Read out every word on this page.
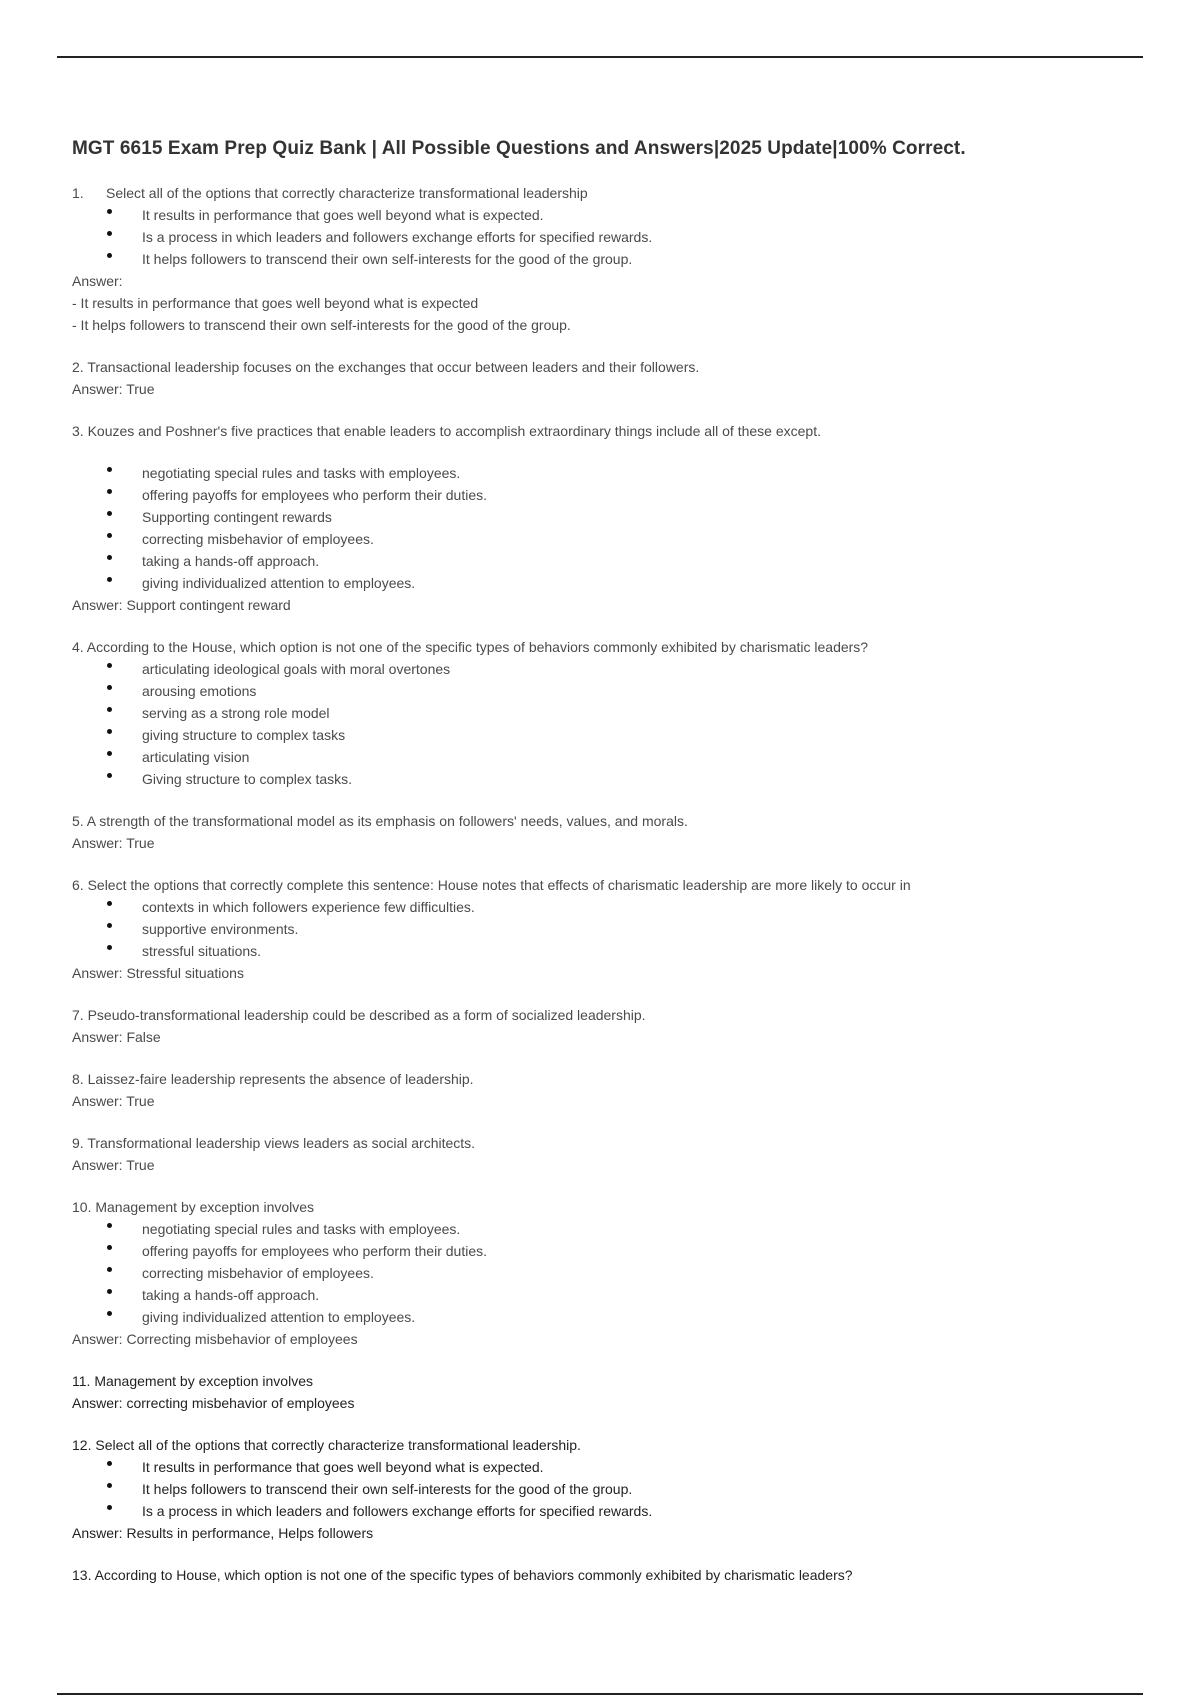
MGT 6615 Exam Prep Quiz Bank | All Possible Questions and Answers|2025 Update|100% Correct.

1.	Select all of the options that correctly characterize transformational leadership

It results in performance that goes well beyond what is expected.
Is a process in which leaders and followers exchange efforts for specified rewards.
It helps followers to transcend their own self-interests for the good of the group.

Answer:

- It results in performance that goes well beyond what is expected

- It helps followers to transcend their own self-interests for the good of the group.

2. Transactional leadership focuses on the exchanges that occur between leaders and their followers.

Answer: True

3. Kouzes and Poshner's five practices that enable leaders to accomplish extraordinary things include all of these except.

negotiating special rules and tasks with employees.
offering payoffs for employees who perform their duties.
Supporting contingent rewards
correcting misbehavior of employees.
taking a hands-off approach.
giving individualized attention to employees.

Answer: Support contingent reward

4. According to the House, which option is not one of the specific types of behaviors commonly exhibited by charismatic leaders?

articulating ideological goals with moral overtones
arousing emotions
serving as a strong role model
giving structure to complex tasks
articulating vision
Giving structure to complex tasks.

5. A strength of the transformational model as its emphasis on followers' needs, values, and morals.

Answer: True

6. Select the options that correctly complete this sentence: House notes that effects of charismatic leadership are more likely to occur in

contexts in which followers experience few difficulties.
supportive environments.
stressful situations.

Answer: Stressful situations

7. Pseudo-transformational leadership could be described as a form of socialized leadership.

Answer: False

8. Laissez-faire leadership represents the absence of leadership.

Answer: True

9. Transformational leadership views leaders as social architects.

Answer: True

10. Management by exception involves

negotiating special rules and tasks with employees.
offering payoffs for employees who perform their duties.
correcting misbehavior of employees.
taking a hands-off approach.
giving individualized attention to employees.

Answer: Correcting misbehavior of employees

11. Management by exception involves

Answer: correcting misbehavior of employees

12. Select all of the options that correctly characterize transformational leadership.

It results in performance that goes well beyond what is expected.
It helps followers to transcend their own self-interests for the good of the group.
Is a process in which leaders and followers exchange efforts for specified rewards.

Answer: Results in performance, Helps followers

13. According to House, which option is not one of the specific types of behaviors commonly exhibited by charismatic leaders?
